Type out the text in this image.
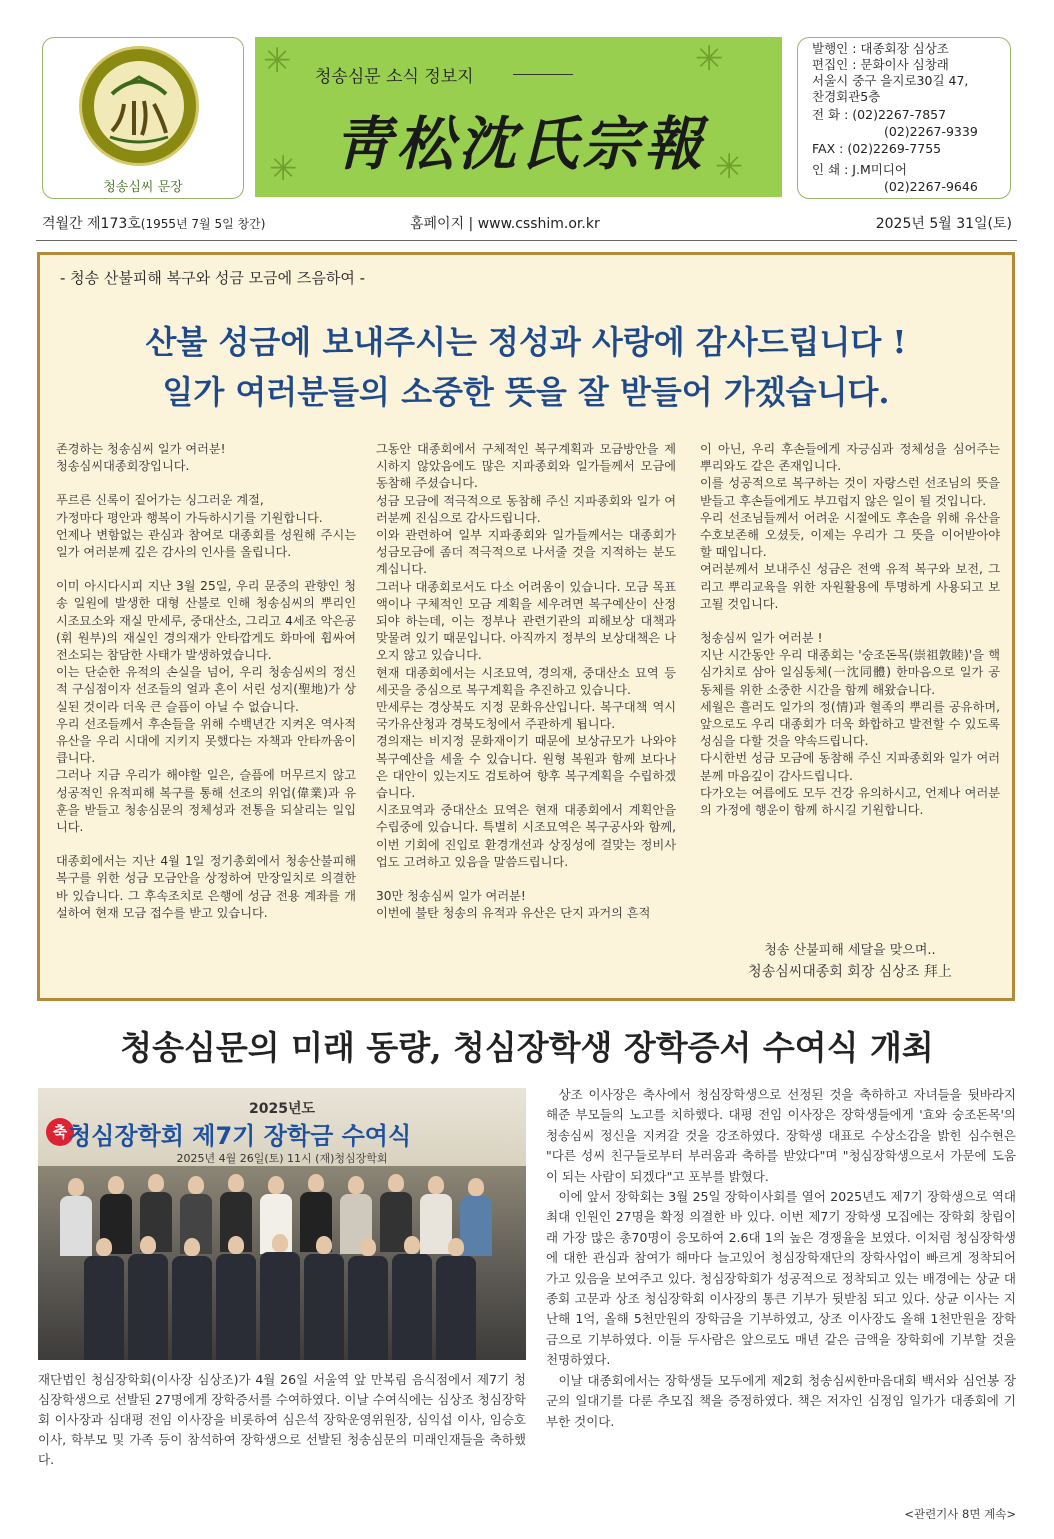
청송심씨 문장
✳
✳
✳
✳
청송심문 소식 정보지
靑松沈氏宗報
발행인 : 대종회장 심상조
편집인 : 문화이사 심창래
서울시 중구 을지로30길 47,
찬경회관5층
전 화 : (02)2267-7857
(02)2267-9339
FAX : (02)2269-7755
인 쇄 : J.M미디어
(02)2267-9646
격월간 제173호(1955년 7월 5일 창간)	홈페이지 | www.csshim.or.kr	2025년 5월 31일(토)
- 청송 산불피해 복구와 성금 모금에 즈음하여 -
산불 성금에 보내주시는 정성과 사랑에 감사드립니다 !
일가 여러분들의 소중한 뜻을 잘 받들어 가겠습니다.

존경하는 청송심씨 일가 여러분!

청송심씨대종회장입니다.

푸르른 신록이 짙어가는 싱그러운 계절,

가정마다 평안과 행복이 가득하시기를 기원합니다.

언제나 변함없는 관심과 참여로 대종회를 성원해 주시는 일가 여러분께 깊은 감사의 인사를 올립니다.

이미 아시다시피 지난 3월 25일, 우리 문중의 관향인 청송 일원에 발생한 대형 산불로 인해 청송심씨의 뿌리인 시조묘소와 재실 만세루, 중대산소, 그리고 4세조 악은공(휘 원부)의 재실인 경의재가 안타깝게도 화마에 휩싸여 전소되는 참담한 사태가 발생하였습니다.

이는 단순한 유적의 손실을 넘어, 우리 청송심씨의 정신적 구심점이자 선조들의 얼과 혼이 서린 성지(聖地)가 상실된 것이라 더욱 큰 슬픔이 아닐 수 없습니다.

우리 선조들께서 후손들을 위해 수백년간 지켜온 역사적 유산을 우리 시대에 지키지 못했다는 자책과 안타까움이 큽니다.

그러나 지금 우리가 해야할 일은, 슬픔에 머무르지 않고 성공적인 유적피해 복구를 통해 선조의 위업(偉業)과 유훈을 받들고 청송심문의 정체성과 전통을 되살리는 일입니다.

대종회에서는 지난 4월 1일 정기총회에서 청송산불피해복구를 위한 성금 모금안을 상정하여 만장일치로 의결한 바 있습니다. 그 후속조치로 은행에 성금 전용 계좌를 개설하여 현재 모금 접수를 받고 있습니다.

그동안 대종회에서 구체적인 복구계획과 모금방안을 제시하지 않았음에도 많은 지파종회와 일가들께서 모금에 동참해 주셨습니다.

성금 모금에 적극적으로 동참해 주신 지파종회와 일가 여러분께 진심으로 감사드립니다.

이와 관련하여 일부 지파종회와 일가들께서는 대종회가 성금모금에 좀더 적극적으로 나서줄 것을 지적하는 분도 계십니다.

그러나 대종회로서도 다소 어려움이 있습니다. 모금 목표액이나 구체적인 모금 계획을 세우려면 복구예산이 산정되야 하는데, 이는 정부나 관련기관의 피해보상 대책과 맞물려 있기 때문입니다. 아직까지 정부의 보상대책은 나오지 않고 있습니다.

현재 대종회에서는 시조묘역, 경의재, 중대산소 묘역 등 세곳을 중심으로 복구계획을 추진하고 있습니다.

만세루는 경상북도 지정 문화유산입니다. 복구대책 역시 국가유산청과 경북도청에서 주관하게 됩니다.

경의재는 비지정 문화재이기 때문에 보상규모가 나와야 복구예산을 세울 수 있습니다. 원형 복원과 함께 보다나은 대안이 있는지도 검토하여 향후 복구계획을 수립하겠습니다.

시조묘역과 중대산소 묘역은 현재 대종회에서 계획안을 수립중에 있습니다. 특별히 시조묘역은 복구공사와 함께, 이번 기회에 진입로 환경개선과 상징성에 걸맞는 정비사업도 고려하고 있음을 말씀드립니다.

30만 청송심씨 일가 여러분!

이번에 불탄 청송의 유적과 유산은 단지 과거의 흔적

이 아닌, 우리 후손들에게 자긍심과 정체성을 심어주는 뿌리와도 같은 존재입니다.

이를 성공적으로 복구하는 것이 자랑스런 선조님의 뜻을 받들고 후손들에게도 부끄럽지 않은 일이 될 것입니다.

우리 선조님들께서 어려운 시절에도 후손을 위해 유산을 수호보존해 오셨듯, 이제는 우리가 그 뜻을 이어받아야 할 때입니다.

여러분께서 보내주신 성금은 전액 유적 복구와 보전, 그리고 뿌리교육을 위한 자원활용에 투명하게 사용되고 보고될 것입니다.

청송심씨 일가 여러분 !

지난 시간동안 우리 대종회는 '숭조돈목(崇祖敦睦)'을 핵심가치로 삼아 일심동체(一沈同體) 한마음으로 일가 공동체를 위한 소중한 시간을 함께 해왔습니다.

세월은 흘러도 일가의 정(情)과 혈족의 뿌리를 공유하며, 앞으로도 우리 대종회가 더욱 화합하고 발전할 수 있도록 성심을 다할 것을 약속드립니다.

다시한번 성금 모금에 동참해 주신 지파종회와 일가 여러분께 마음깊이 감사드립니다.

다가오는 여름에도 모두 건강 유의하시고, 언제나 여러분의 가정에 행운이 함께 하시길 기원합니다.

청송 산불피해 세달을 맞으며..
청송심씨대종회 회장 심상조 拜上
청송심문의 미래 동량, 청심장학생 장학증서 수여식 개최
2025년도
축 청심장학회 제7기 장학금 수여식
2025년 4월 26일(토) 11시 (재)청심장학회
재단법인 청심장학회(이사장 심상조)가 4월 26일 서울역 앞 만복림 음식점에서 제7기 청심장학생으로 선발된 27명에게 장학증서를 수여하였다. 이날 수여식에는 심상조 청심장학회 이사장과 심대평 전임 이사장을 비롯하여 심은석 장학운영위원장, 심익섭 이사, 임승호 이사, 학부모 및 가족 등이 참석하여 장학생으로 선발된 청송심문의 미래인재들을 축하했다.

상조 이사장은 축사에서 청심장학생으로 선정된 것을 축하하고 자녀들을 뒷바라지 해준 부모들의 노고를 치하했다. 대평 전임 이사장은 장학생들에게 '효와 숭조돈목'의 청송심씨 정신을 지켜갈 것을 강조하였다. 장학생 대표로 수상소감을 밝힌 심수현은 "다른 성씨 친구들로부터 부러움과 축하를 받았다"며 "청심장학생으로서 가문에 도움이 되는 사람이 되겠다"고 포부를 밝혔다.

이에 앞서 장학회는 3월 25일 장학이사회를 열어 2025년도 제7기 장학생으로 역대 최대 인원인 27명을 확정 의결한 바 있다. 이번 제7기 장학생 모집에는 장학회 창립이래 가장 많은 총70명이 응모하여 2.6대 1의 높은 경쟁율을 보였다. 이처럼 청심장학생에 대한 관심과 참여가 해마다 늘고있어 청심장학재단의 장학사업이 빠르게 정착되어 가고 있음을 보여주고 있다. 청심장학회가 성공적으로 정착되고 있는 배경에는 상균 대종회 고문과 상조 청심장학회 이사장의 통큰 기부가 뒷받침 되고 있다. 상균 이사는 지난해 1억, 올해 5천만원의 장학금을 기부하였고, 상조 이사장도 올해 1천만원을 장학금으로 기부하였다. 이들 두사람은 앞으로도 매년 같은 금액을 장학회에 기부할 것을 천명하였다.

이날 대종회에서는 장학생들 모두에게 제2회 청송심씨한마음대회 백서와 심언봉 장군의 일대기를 다룬 추모집 책을 증정하였다. 책은 저자인 심정임 일가가 대종회에 기부한 것이다.

<관련기사 8면 계속>
